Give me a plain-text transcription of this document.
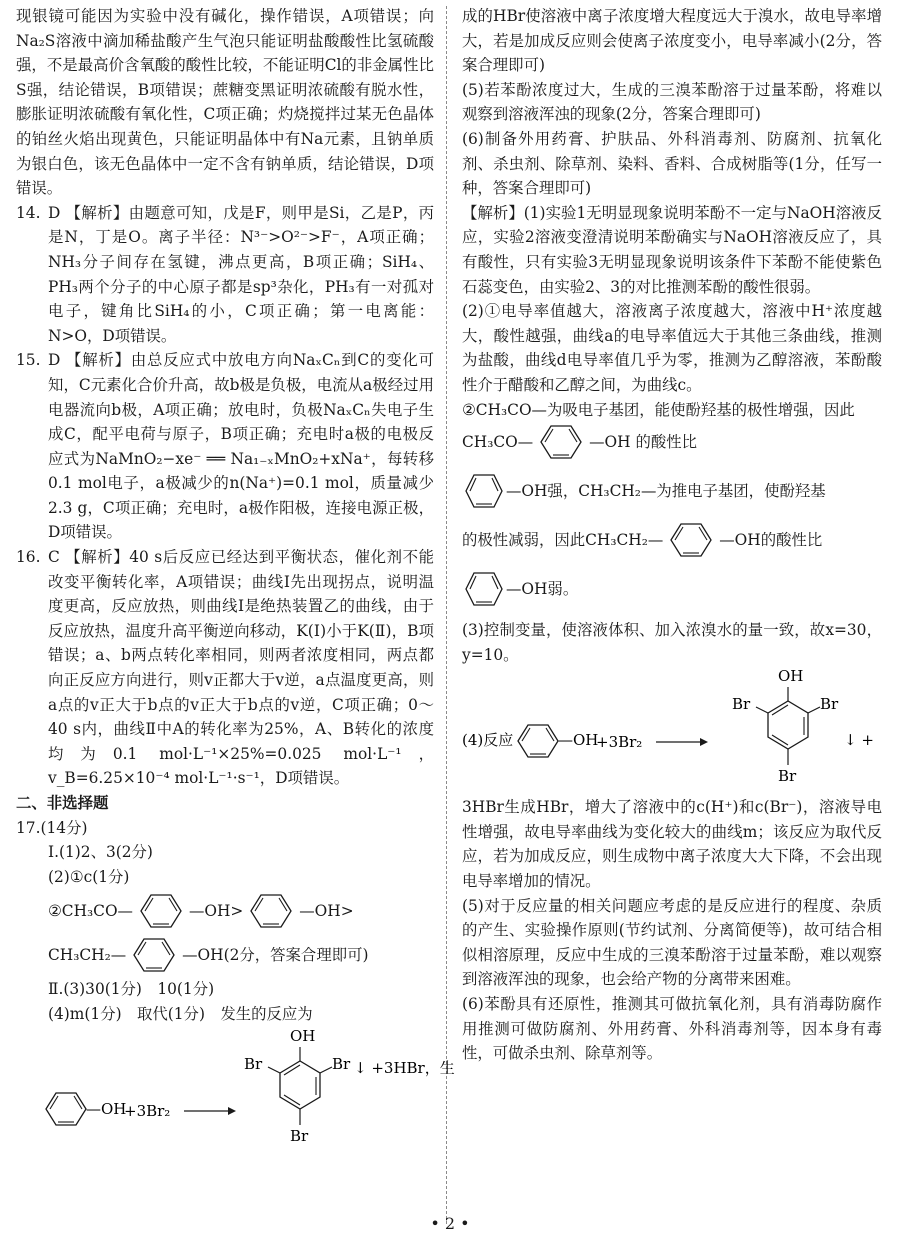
现银镜可能因为实验中没有碱化，操作错误，A项错误；向Na₂S溶液中滴加稀盐酸产生气泡只能证明盐酸酸性比氢硫酸强，不是最高价含氧酸的酸性比较，不能证明Cl的非金属性比S强，结论错误，B项错误；蔗糖变黑证明浓硫酸有脱水性，膨胀证明浓硫酸有氧化性，C项正确；灼烧搅拌过某无色晶体的铂丝火焰出现黄色，只能证明晶体中有Na元素，且钠单质为银白色，该无色晶体中一定不含有钠单质，结论错误，D项错误。

14. D 【解析】由题意可知，戊是F，则甲是Si，乙是P，丙是N，丁是O。离子半径：N³⁻>O²⁻>F⁻，A项正确；NH₃分子间存在氢键，沸点更高，B项正确；SiH₄、PH₃两个分子的中心原子都是sp³杂化，PH₃有一对孤对电子，键角比SiH₄的小，C项正确；第一电离能：N>O，D项错误。

15. D 【解析】由总反应式中放电方向NaₓCₙ到C的变化可知，C元素化合价升高，故b极是负极，电流从a极经过用电器流向b极，A项正确；放电时，负极NaₓCₙ失电子生成C，配平电荷与原子，B项正确；充电时a极的电极反应式为NaMnO₂−xe⁻ ══ Na₁₋ₓMnO₂+xNa⁺，每转移0.1 mol电子，a极减少的n(Na⁺)=0.1 mol，质量减少2.3 g，C项正确；充电时，a极作阳极，连接电源正极，D项错误。

16. C 【解析】40 s后反应已经达到平衡状态，催化剂不能改变平衡转化率，A项错误；曲线Ⅰ先出现拐点，说明温度更高，反应放热，则曲线Ⅰ是绝热装置乙的曲线，由于反应放热，温度升高平衡逆向移动，K(Ⅰ)小于K(Ⅱ)，B项错误；a、b两点转化率相同，则两者浓度相同，两点都向正反应方向进行，则v正都大于v逆，a点温度更高，则a点的v正大于b点的v正大于b点的v逆，C项正确；0～40 s内，曲线Ⅱ中A的转化率为25%，A、B转化的浓度均为0.1 mol·L⁻¹×25%=0.025 mol·L⁻¹，v_B=6.25×10⁻⁴ mol·L⁻¹·s⁻¹，D项错误。

二、非选择题

17.(14分)

Ⅰ.(1)2、3(2分)

(2)①c(1分)

②CH₃CO—	—OH>	—OH>
CH₃CH₂—	—OH(2分，答案合理即可)

Ⅱ.(3)30(1分)　10(1分)

(4)m(1分)　取代(1分)　发生的反应为

—OH
+3Br₂
OH
Br	Br
Br
↓ +3HBr，生

成的HBr使溶液中离子浓度增大程度远大于溴水，故电导率增大，若是加成反应则会使离子浓度变小，电导率减小(2分，答案合理即可)

(5)若苯酚浓度过大，生成的三溴苯酚溶于过量苯酚，将难以观察到溶液浑浊的现象(2分，答案合理即可)

(6)制备外用药膏、护肤品、外科消毒剂、防腐剂、抗氧化剂、杀虫剂、除草剂、染料、香料、合成树脂等(1分，任写一种，答案合理即可)

【解析】(1)实验1无明显现象说明苯酚不一定与NaOH溶液反应，实验2溶液变澄清说明苯酚确实与NaOH溶液反应了，具有酸性，只有实验3无明显现象说明该条件下苯酚不能使紫色石蕊变色，由实验2、3的对比推测苯酚的酸性很弱。

(2)①电导率值越大，溶液离子浓度越大，溶液中H⁺浓度越大，酸性越强，曲线a的电导率值远大于其他三条曲线，推测为盐酸，曲线d电导率值几乎为零，推测为乙醇溶液，苯酚酸性介于醋酸和乙醇之间，为曲线c。

②CH₃CO—为吸电子基团，能使酚羟基的极性增强，因此

CH₃CO—	—OH 的酸性比
—OH强，CH₃CH₂—为推电子基团，使酚羟基
的极性减弱，因此 CH₃CH₂—	—OH的酸性比
—OH弱。

(3)控制变量，使溶液体积、加入浓溴水的量一致，故x=30，y=10。

(4)反应	—OH
+3Br₂
OH
Br	Br
Br
↓ +

3HBr生成HBr，增大了溶液中的c(H⁺)和c(Br⁻)，溶液导电性增强，故电导率曲线为变化较大的曲线m；该反应为取代反应，若为加成反应，则生成物中离子浓度大大下降，不会出现电导率增加的情况。

(5)对于反应量的相关问题应考虑的是反应进行的程度、杂质的产生、实验操作原则(节约试剂、分离简便等)，故可结合相似相溶原理，反应中生成的三溴苯酚溶于过量苯酚，难以观察到溶液浑浊的现象，也会给产物的分离带来困难。

(6)苯酚具有还原性，推测其可做抗氧化剂，具有消毒防腐作用推测可做防腐剂、外用药膏、外科消毒剂等，因本身有毒性，可做杀虫剂、除草剂等。

• 2 •
